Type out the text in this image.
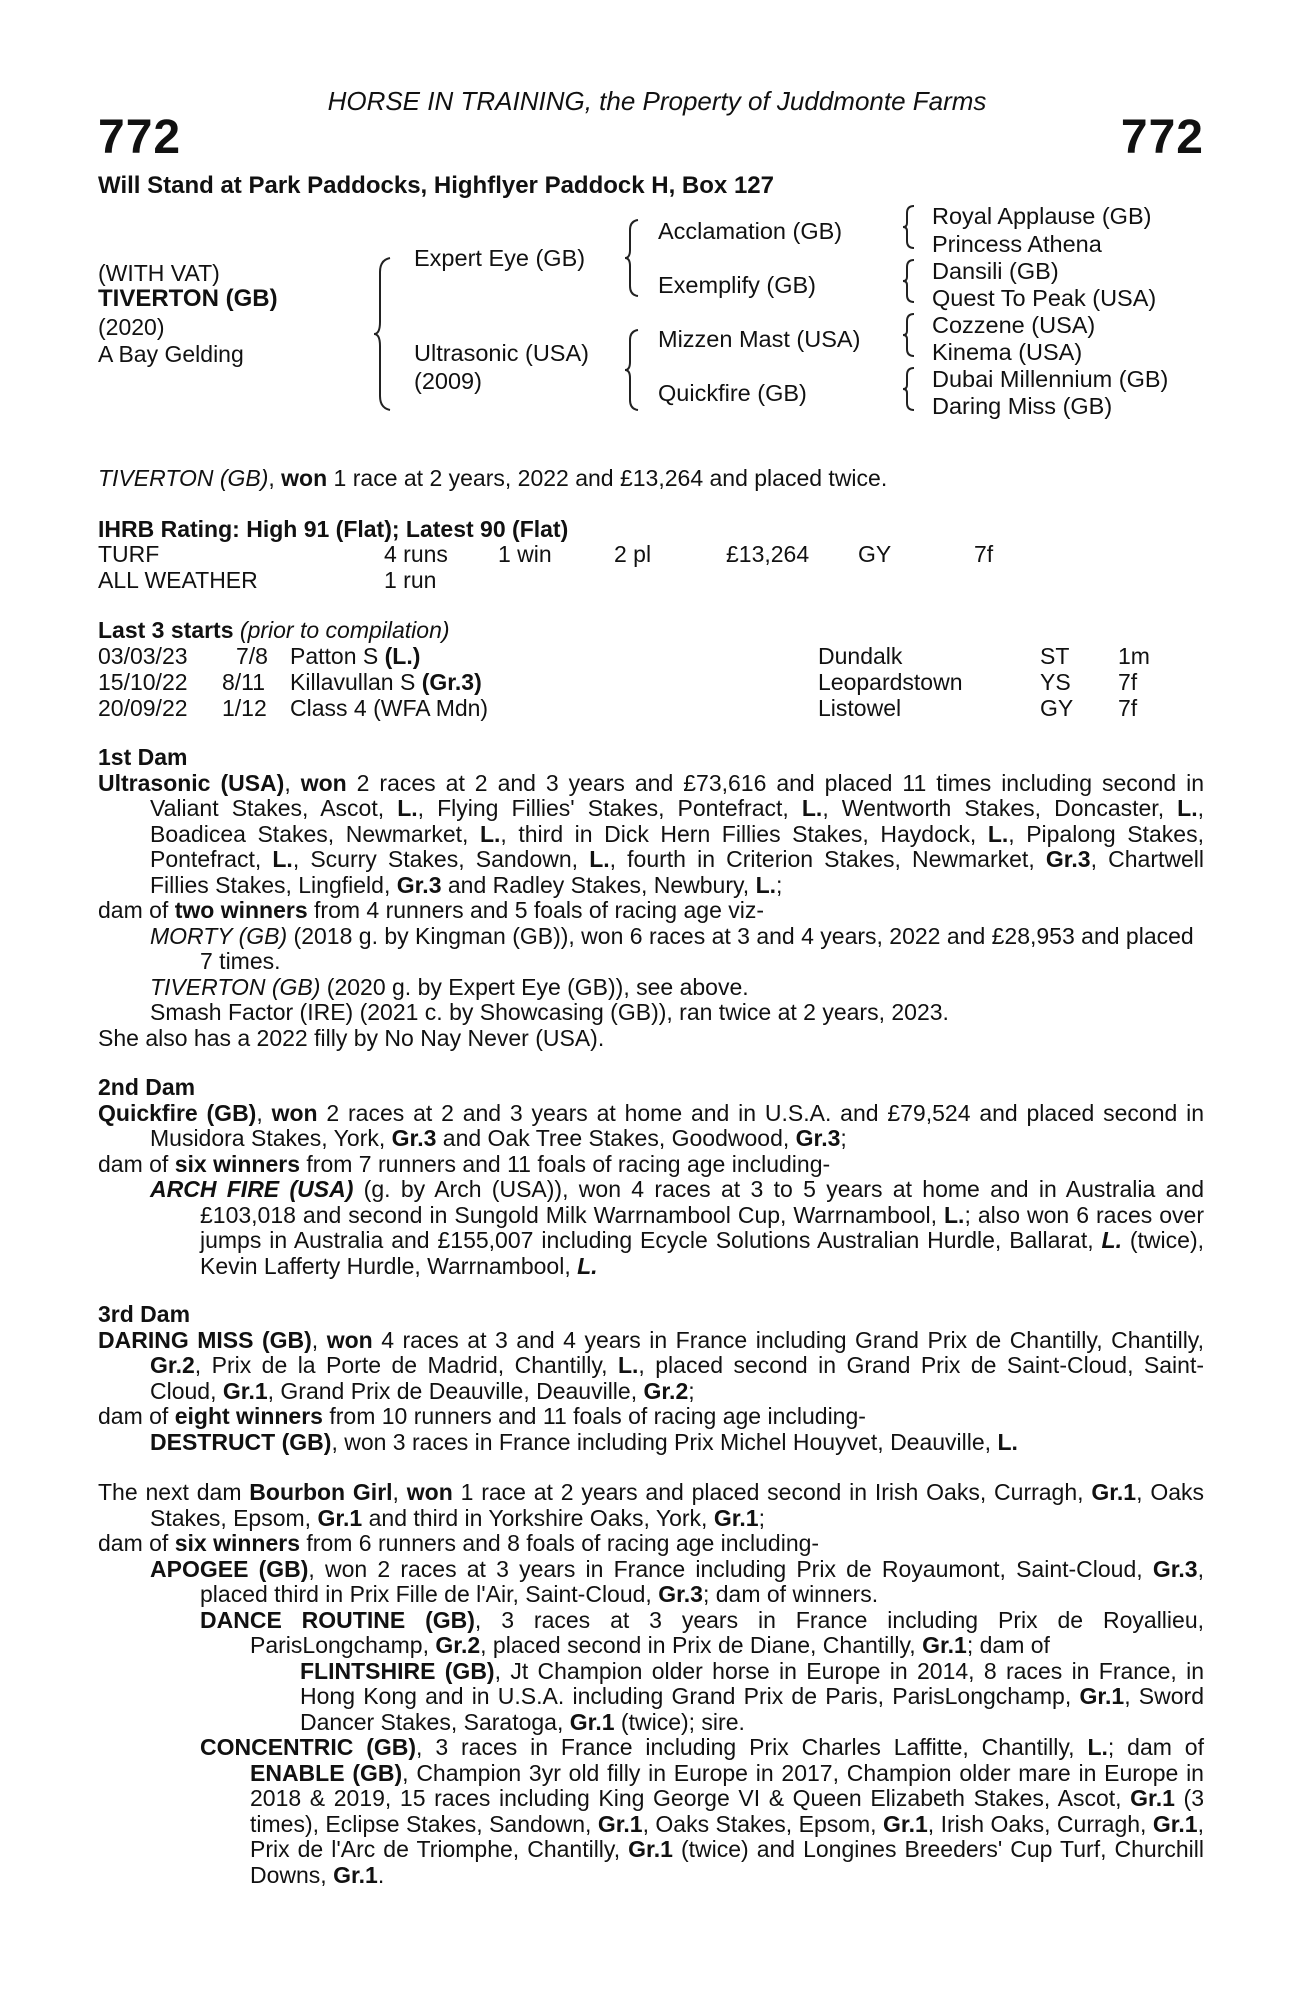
HORSE IN TRAINING, the Property of Juddmonte Farms
772	772
Will Stand at Park Paddocks, Highflyer Paddock H, Box 127
(WITH VAT)
TIVERTON (GB)
(2020)
A Bay Gelding
Expert Eye (GB)
Ultrasonic (USA)
(2009)
Acclamation (GB)
Exemplify (GB)
Mizzen Mast (USA)
Quickfire (GB)
Royal Applause (GB)
Princess Athena
Dansili (GB)
Quest To Peak (USA)
Cozzene (USA)
Kinema (USA)
Dubai Millennium (GB)
Daring Miss (GB)
TIVERTON (GB), won 1 race at 2 years, 2022 and £13,264 and placed twice.
IHRB Rating: High 91 (Flat); Latest 90 (Flat)
TURF	4 runs 1 win	2 pl	£13,264 GY	7f
ALL WEATHER	1 run
Last 3 starts (prior to compilation)
03/03/23 7/8 Patton S (L.)	Dundalk	ST 1m
15/10/22 8/11 Killavullan S (Gr.3)	Leopardstown	YS 7f
20/09/22 1/12 Class 4 (WFA Mdn)	Listowel	GY 7f

1st Dam

Ultrasonic (USA), won 2 races at 2 and 3 years and £73,616 and placed 11 times including second in Valiant Stakes, Ascot, L., Flying Fillies' Stakes, Pontefract, L., Wentworth Stakes, Doncaster, L., Boadicea Stakes, Newmarket, L., third in Dick Hern Fillies Stakes, Haydock, L., Pipalong Stakes, Pontefract, L., Scurry Stakes, Sandown, L., fourth in Criterion Stakes, Newmarket, Gr.3, Chartwell Fillies Stakes, Lingfield, Gr.3 and Radley Stakes, Newbury, L.;

dam of two winners from 4 runners and 5 foals of racing age viz-

MORTY (GB) (2018 g. by Kingman (GB)), won 6 races at 3 and 4 years, 2022 and £28,953 and placed 7 times.

TIVERTON (GB) (2020 g. by Expert Eye (GB)), see above.

Smash Factor (IRE) (2021 c. by Showcasing (GB)), ran twice at 2 years, 2023.

She also has a 2022 filly by No Nay Never (USA).

2nd Dam

Quickfire (GB), won 2 races at 2 and 3 years at home and in U.S.A. and £79,524 and placed second in Musidora Stakes, York, Gr.3 and Oak Tree Stakes, Goodwood, Gr.3;

dam of six winners from 7 runners and 11 foals of racing age including-

ARCH FIRE (USA) (g. by Arch (USA)), won 4 races at 3 to 5 years at home and in Australia and £103,018 and second in Sungold Milk Warrnambool Cup, Warrnambool, L.; also won 6 races over jumps in Australia and £155,007 including Ecycle Solutions Australian Hurdle, Ballarat, L. (twice), Kevin Lafferty Hurdle, Warrnambool, L.

3rd Dam

DARING MISS (GB), won 4 races at 3 and 4 years in France including Grand Prix de Chantilly, Chantilly, Gr.2, Prix de la Porte de Madrid, Chantilly, L., placed second in Grand Prix de Saint-Cloud, Saint-Cloud, Gr.1, Grand Prix de Deauville, Deauville, Gr.2;

dam of eight winners from 10 runners and 11 foals of racing age including-

DESTRUCT (GB), won 3 races in France including Prix Michel Houyvet, Deauville, L.

The next dam Bourbon Girl, won 1 race at 2 years and placed second in Irish Oaks, Curragh, Gr.1, Oaks Stakes, Epsom, Gr.1 and third in Yorkshire Oaks, York, Gr.1;

dam of six winners from 6 runners and 8 foals of racing age including-

APOGEE (GB), won 2 races at 3 years in France including Prix de Royaumont, Saint-Cloud, Gr.3, placed third in Prix Fille de l'Air, Saint-Cloud, Gr.3; dam of winners.

DANCE ROUTINE (GB), 3 races at 3 years in France including Prix de Royallieu, ParisLongchamp, Gr.2, placed second in Prix de Diane, Chantilly, Gr.1; dam of

FLINTSHIRE (GB), Jt Champion older horse in Europe in 2014, 8 races in France, in Hong Kong and in U.S.A. including Grand Prix de Paris, ParisLongchamp, Gr.1, Sword Dancer Stakes, Saratoga, Gr.1 (twice); sire.

CONCENTRIC (GB), 3 races in France including Prix Charles Laffitte, Chantilly, L.; dam of ENABLE (GB), Champion 3yr old filly in Europe in 2017, Champion older mare in Europe in 2018 & 2019, 15 races including King George VI & Queen Elizabeth Stakes, Ascot, Gr.1 (3 times), Eclipse Stakes, Sandown, Gr.1, Oaks Stakes, Epsom, Gr.1, Irish Oaks, Curragh, Gr.1, Prix de l'Arc de Triomphe, Chantilly, Gr.1 (twice) and Longines Breeders' Cup Turf, Churchill Downs, Gr.1.
